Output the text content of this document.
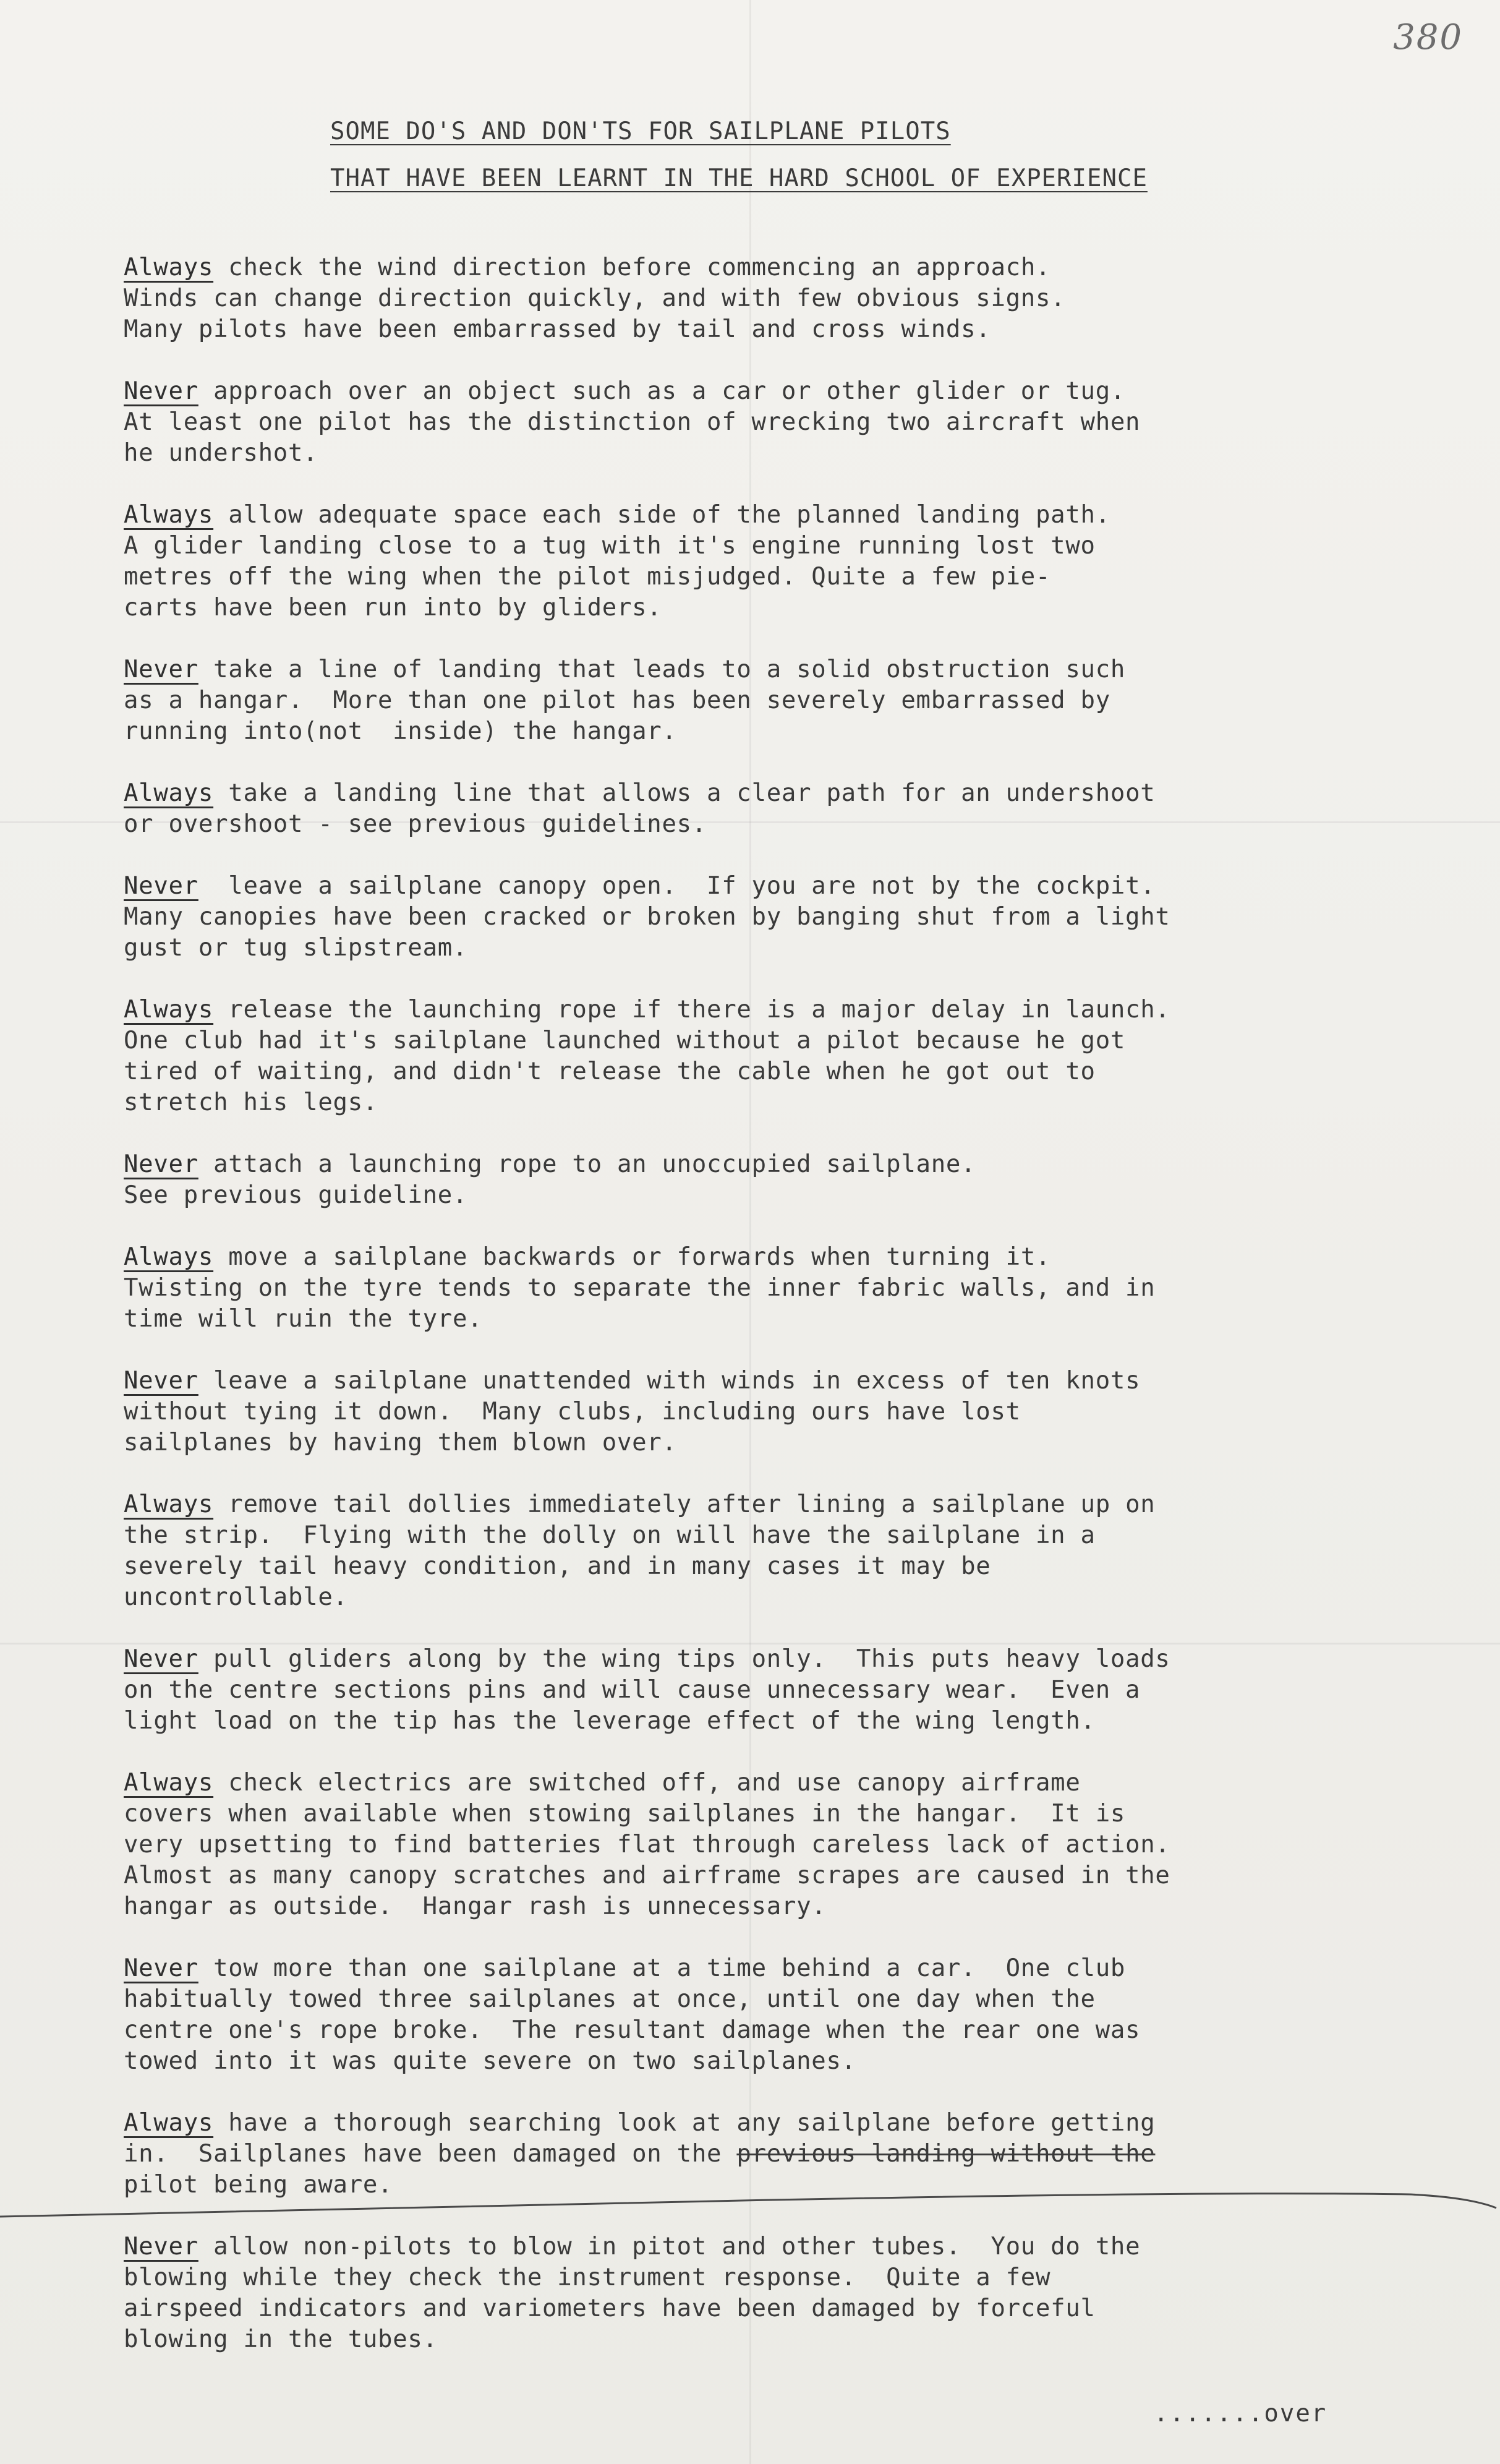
380
SOME DO'S AND DON'TS FOR SAILPLANE PILOTS
THAT HAVE BEEN LEARNT IN THE HARD SCHOOL OF EXPERIENCE
Always check the wind direction before commencing an approach.
Winds can change direction quickly, and with few obvious signs.
Many pilots have been embarrassed by tail and cross winds.
Never approach over an object such as a car or other glider or tug.
At least one pilot has the distinction of wrecking two aircraft when
he undershot.
Always allow adequate space each side of the planned landing path.
A glider landing close to a tug with it's engine running lost two
metres off the wing when the pilot misjudged. Quite a few pie-
carts have been run into by gliders.
Never take a line of landing that leads to a solid obstruction such
as a hangar.  More than one pilot has been severely embarrassed by
running into(not  inside) the hangar.
Always take a landing line that allows a clear path for an undershoot
or overshoot - see previous guidelines.
Never  leave a sailplane canopy open.  If you are not by the cockpit.
Many canopies have been cracked or broken by banging shut from a light
gust or tug slipstream.
Always release the launching rope if there is a major delay in launch.
One club had it's sailplane launched without a pilot because he got
tired of waiting, and didn't release the cable when he got out to
stretch his legs.
Never attach a launching rope to an unoccupied sailplane.
See previous guideline.
Always move a sailplane backwards or forwards when turning it.
Twisting on the tyre tends to separate the inner fabric walls, and in
time will ruin the tyre.
Never leave a sailplane unattended with winds in excess of ten knots
without tying it down.  Many clubs, including ours have lost
sailplanes by having them blown over.
Always remove tail dollies immediately after lining a sailplane up on
the strip.  Flying with the dolly on will have the sailplane in a
severely tail heavy condition, and in many cases it may be
uncontrollable.
Never pull gliders along by the wing tips only.  This puts heavy loads
on the centre sections pins and will cause unnecessary wear.  Even a
light load on the tip has the leverage effect of the wing length.
Always check electrics are switched off, and use canopy airframe
covers when available when stowing sailplanes in the hangar.  It is
very upsetting to find batteries flat through careless lack of action.
Almost as many canopy scratches and airframe scrapes are caused in the
hangar as outside.  Hangar rash is unnecessary.
Never tow more than one sailplane at a time behind a car.  One club
habitually towed three sailplanes at once, until one day when the
centre one's rope broke.  The resultant damage when the rear one was
towed into it was quite severe on two sailplanes.
Always have a thorough searching look at any sailplane before getting
in.  Sailplanes have been damaged on the previous landing without the
pilot being aware.
Never allow non-pilots to blow in pitot and other tubes.  You do the
blowing while they check the instrument response.  Quite a few
airspeed indicators and variometers have been damaged by forceful
blowing in the tubes.
.......over
